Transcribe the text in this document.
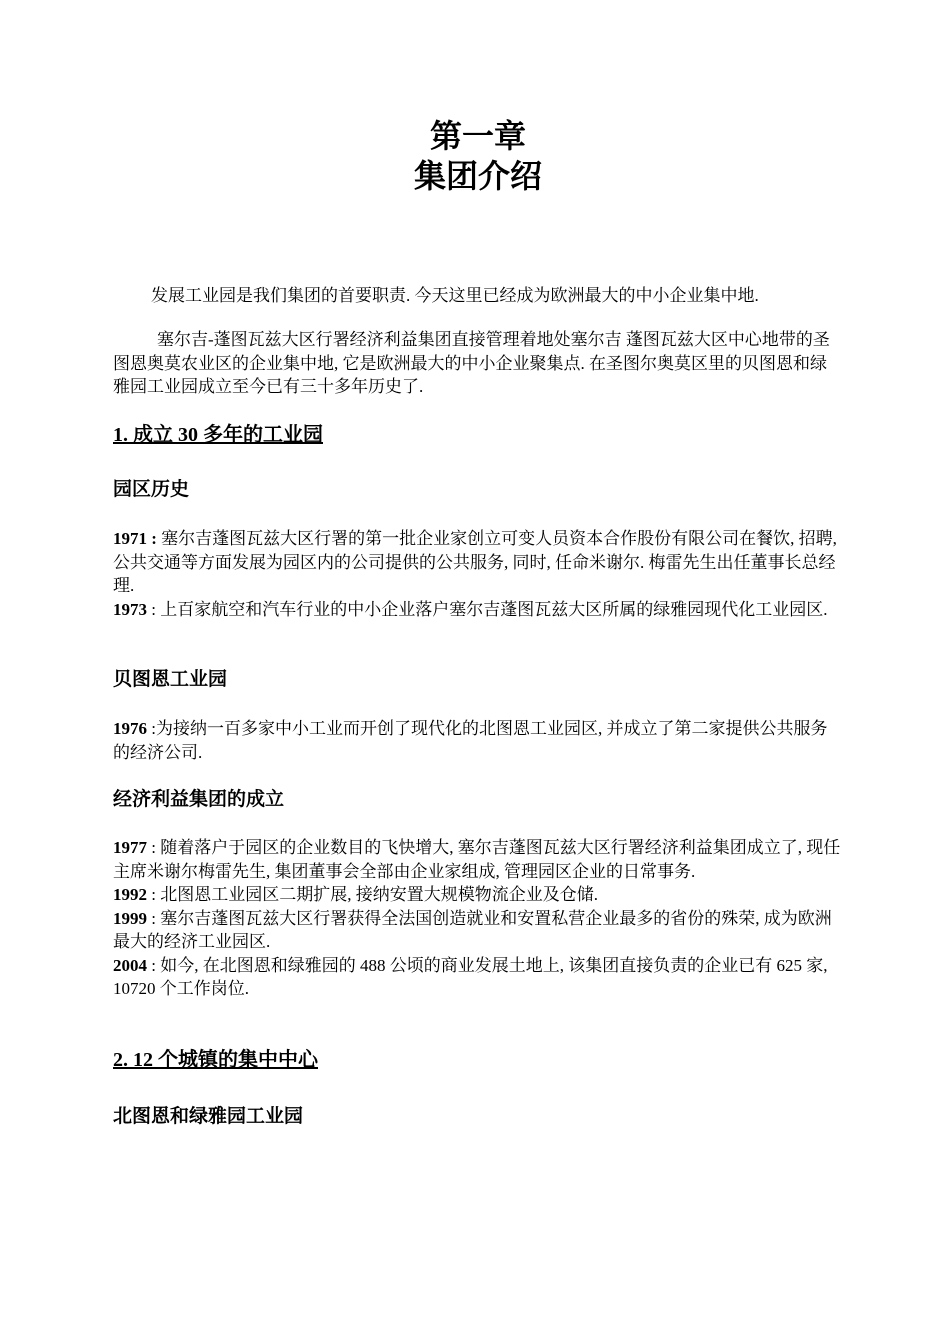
第一章
集团介绍
发展工业园是我们集团的首要职责. 今天这里已经成为欧洲最大的中小企业集中地.
塞尔吉-蓬图瓦兹大区行署经济利益集团直接管理着地处塞尔吉 蓬图瓦兹大区中心地带的圣图恩奥莫农业区的企业集中地, 它是欧洲最大的中小企业聚集点. 在圣图尔奥莫区里的贝图恩和绿雅园工业园成立至今已有三十多年历史了.
1. 成立 30 多年的工业园
园区历史

1971 : 塞尔吉蓬图瓦兹大区行署的第一批企业家创立可变人员资本合作股份有限公司在餐饮, 招聘, 公共交通等方面发展为园区内的公司提供的公共服务, 同时, 任命米谢尔. 梅雷先生出任董事长总经理.

1973 : 上百家航空和汽车行业的中小企业落户塞尔吉蓬图瓦兹大区所属的绿雅园现代化工业园区.

贝图恩工业园

1976 :为接纳一百多家中小工业而开创了现代化的北图恩工业园区, 并成立了第二家提供公共服务的经济公司.

经济利益集团的成立

1977 : 随着落户于园区的企业数目的飞快增大, 塞尔吉蓬图瓦兹大区行署经济利益集团成立了, 现任主席米谢尔梅雷先生, 集团董事会全部由企业家组成, 管理园区企业的日常事务.

1992 : 北图恩工业园区二期扩展, 接纳安置大规模物流企业及仓储.

1999 : 塞尔吉蓬图瓦兹大区行署获得全法国创造就业和安置私营企业最多的省份的殊荣, 成为欧洲最大的经济工业园区.

2004 : 如今, 在北图恩和绿雅园的 488 公顷的商业发展土地上, 该集团直接负责的企业已有 625 家, 10720 个工作岗位.

2. 12 个城镇的集中中心
北图恩和绿雅园工业园
